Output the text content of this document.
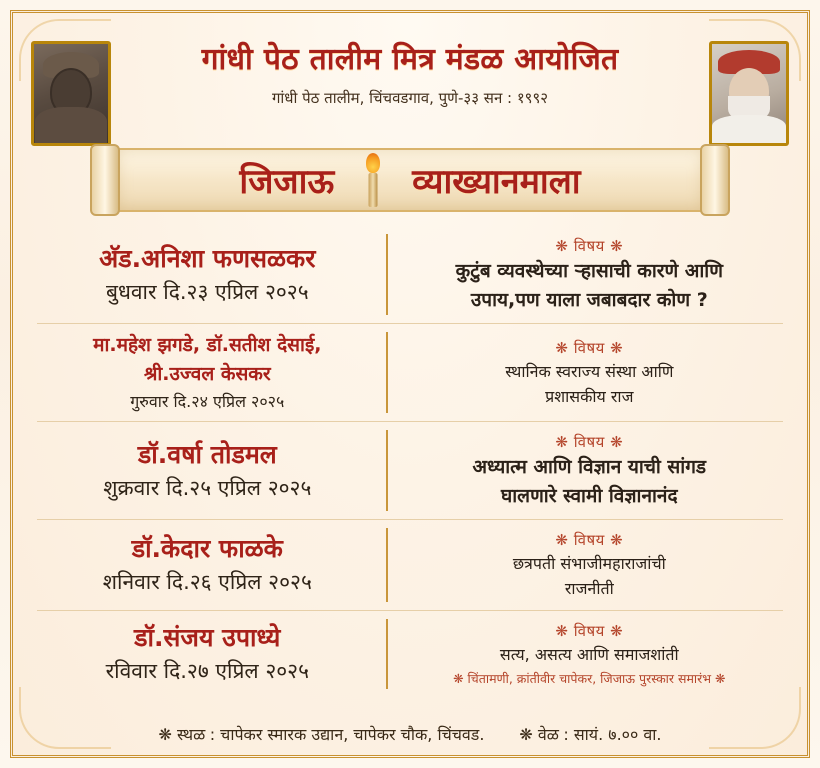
गांधी पेठ तालीम मित्र मंडळ आयोजित
गांधी पेठ तालीम, चिंचवडगाव, पुणे-३३ सन : १९९२
जिजाऊ व्याख्यानमाला
अ‍ॅड.अनिशा फणसळकर
बुधवार दि.२३ एप्रिल २०२५
❋ विषय ❋
कुटुंब व्यवस्थेच्या ऱ्हासाची कारणे आणि
उपाय,पण याला जबाबदार कोण ?
मा.महेश झगडे, डॉ.सतीश देसाई,
श्री.उज्वल केसकर
गुरुवार दि.२४ एप्रिल २०२५
❋ विषय ❋
स्थानिक स्वराज्य संस्था आणि
प्रशासकीय राज
डॉ.वर्षा तोडमल
शुक्रवार दि.२५ एप्रिल २०२५
❋ विषय ❋
अध्यात्म आणि विज्ञान याची सांगड
घालणारे स्वामी विज्ञानानंद
डॉ.केदार फाळके
शनिवार दि.२६ एप्रिल २०२५
❋ विषय ❋
छत्रपती संभाजीमहाराजांची
राजनीती
डॉ.संजय उपाध्ये
रविवार दि.२७ एप्रिल २०२५
❋ विषय ❋
सत्य, असत्य आणि समाजशांती
❋ चिंतामणी, क्रांतीवीर चापेकर, जिजाऊ पुरस्कार समारंभ ❋
❋ स्थळ : चापेकर स्मारक उद्यान, चापेकर चौक, चिंचवड. ❋ वेळ : सायं. ७.०० वा.
